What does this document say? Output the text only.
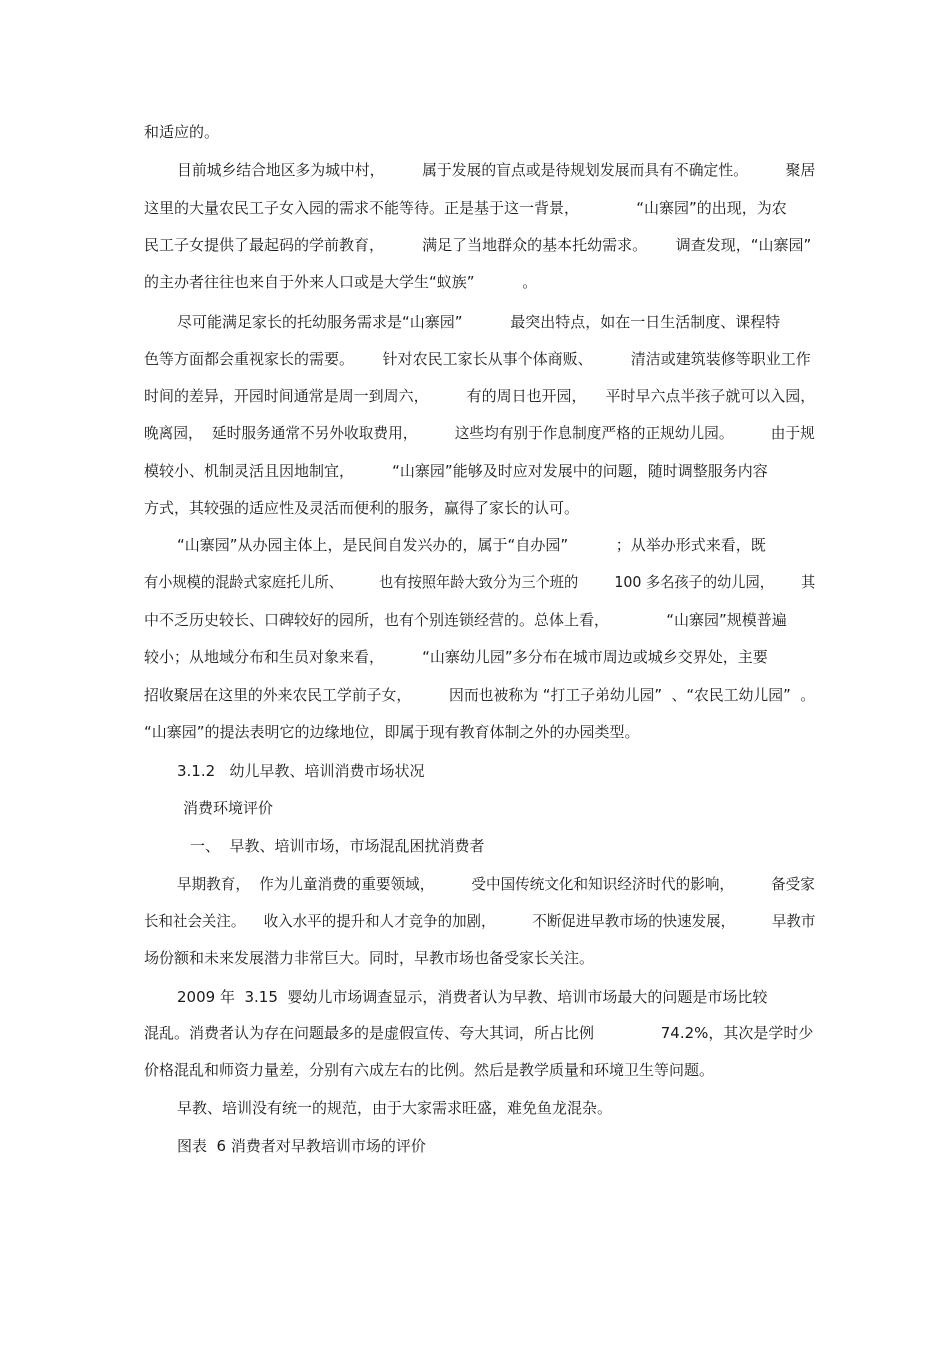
和适应的。
目前城乡结合地区多为城中村，        属于发展的盲点或是待规划发展而具有不确定性。        聚居
这里的大量农民工子女入园的需求不能等待。正是基于这一背景，            “山寨园”的出现，为农
民工子女提供了最起码的学前教育，        满足了当地群众的基本托幼需求。      调查发现，“山寨园”
的主办者往往也来自于外来人口或是大学生“蚁族”          。
尽可能满足家长的托幼服务需求是“山寨园”          最突出特点，如在一日生活制度、课程特
色等方面都会重视家长的需要。      针对农民工家长从事个体商贩、        清洁或建筑装修等职业工作
时间的差异，开园时间通常是周一到周六，        有的周日也开园，    平时早六点半孩子就可以入园，
晚离园，  延时服务通常不另外收取费用，        这些均有别于作息制度严格的正规幼儿园。        由于规
模较小、机制灵活且因地制宜，        “山寨园”能够及时应对发展中的问题，随时调整服务内容
方式，其较强的适应性及灵活而便利的服务，赢得了家长的认可。
“山寨园”从办园主体上，是民间自发兴办的，属于“自办园”          ；从举办形式来看，既
有小规模的混龄式家庭托儿所、        也有按照年龄大致分为三个班的        100 多名孩子的幼儿园，      其
中不乏历史较长、口碑较好的园所，也有个别连锁经营的。总体上看，            “山寨园”规模普遍
较小；从地域分布和生员对象来看，        “山寨幼儿园”多分布在城市周边或城乡交界处，主要
招收聚居在这里的外来农民工学前子女，        因而也被称为 “打工子弟幼儿园”  、“农民工幼儿园”  。
“山寨园”的提法表明它的边缘地位，即属于现有教育体制之外的办园类型。
3.1.2   幼儿早教、培训消费市场状况
消费环境评价
一、  早教、培训市场，市场混乱困扰消费者
早期教育，  作为儿童消费的重要领域，        受中国传统文化和知识经济时代的影响，        备受家
长和社会关注。    收入水平的提升和人才竞争的加剧，        不断促进早教市场的快速发展，        早教市
场份额和未来发展潜力非常巨大。同时，早教市场也备受家长关注。
2009 年  3.15  婴幼儿市场调查显示，消费者认为早教、培训市场最大的问题是市场比较
混乱。消费者认为存在问题最多的是虚假宣传、夸大其词，所占比例              74.2%，其次是学时少
价格混乱和师资力量差，分别有六成左右的比例。然后是教学质量和环境卫生等问题。
早教、培训没有统一的规范，由于大家需求旺盛，难免鱼龙混杂。
图表  6 消费者对早教培训市场的评价
